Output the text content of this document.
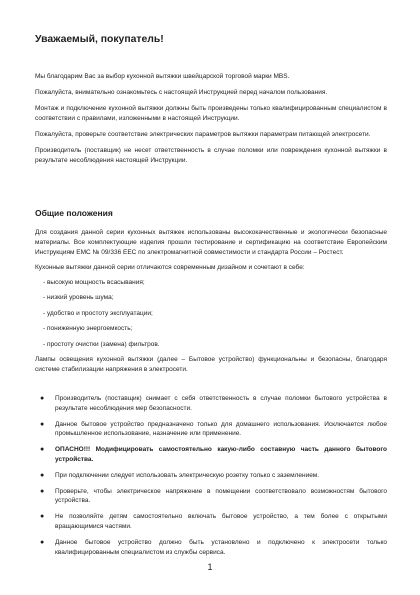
Уважаемый, покупатель!

Мы благодарим Вас за выбор кухонной вытяжки швейцарской торговой марки MBS.

Пожалуйста, внимательно ознакомьтесь с настоящей Инструкцией перед началом пользования.

Монтаж и подключение кухонной вытяжки должны быть произведены только квалифицированным специалистом в соответствии с правилами, изложенными в настоящей Инструкции.

Пожалуйста, проверьте соответствие электрических параметров вытяжки параметрам питающей электросети.

Производитель (поставщик) не несет ответственность в случае поломки или повреждения кухонной вытяжки в результате несоблюдения настоящей Инструкции.

Общие положения

Для создания данной серии кухонных вытяжек использованы высококачественные и экологически безопасные материалы. Все комплектующие изделия прошли тестирование и сертификацию на соответствие Европейским Инструкциям ЕМС № 09/336 ЕЕС по электромагнитной совместимости и стандарта России – Ростест.

Кухонные вытяжки данной серии отличаются современным дизайном и сочетают в себе:

- высокую мощность всасывания;
- низкий уровень шума;
- удобство и простоту эксплуатации;
- пониженную энергоемкость;
- простоту очистки (замена) фильтров.

Лампы освещения кухонной вытяжки (далее – Бытовое устройство) функциональны и безопасны, благодаря системе стабилизации напряжения в электросети.

● Производитель (поставщик) снимает с себя ответственность в случае поломки бытового устройства в результате несоблюдения мер безопасности.
● Данное бытовое устройство предназначено только для домашнего использования. Исключается любое промышленное использование, назначение или применение.
● ОПАСНО!!! Модифицировать самостоятельно какую-либо составную часть данного бытового устройства.
● При подключении следует использовать электрическую розетку только с заземлением.
● Проверьте, чтобы электрическое напряжение в помещении соответствовало возможностям бытового устройства.
● Не позволяйте детям самостоятельно включать бытовое устройство, а тем более с открытыми вращающимися частями.
● Данное бытовое устройство должно быть установлено и подключено к электросети только квалифицированным специалистом из службы сервиса.
1
